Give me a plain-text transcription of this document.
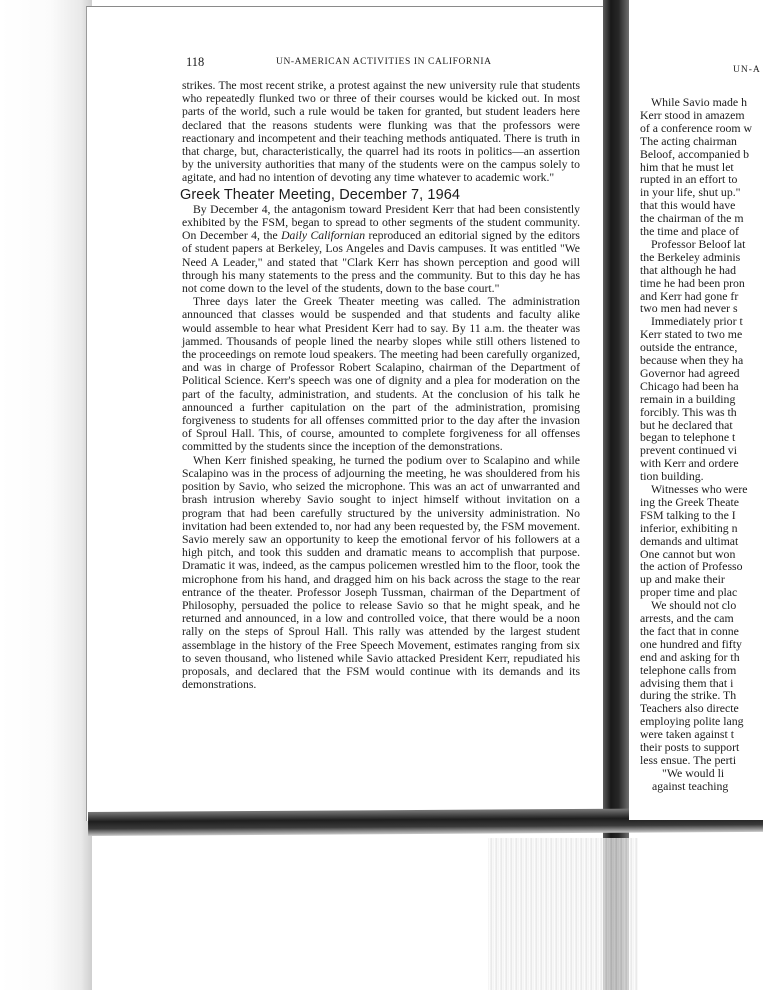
118	UN-AMERICAN ACTIVITIES IN CALIFORNIA

strikes. The most recent strike, a protest against the new university rule that students who repeatedly flunked two or three of their courses would be kicked out. In most parts of the world, such a rule would be taken for granted, but student leaders here declared that the reasons students were flunking was that the professors were reactionary and incompetent and their teaching methods antiquated. There is truth in that charge, but, characteristically, the quarrel had its roots in politics—an assertion by the university authorities that many of the students were on the campus solely to agitate, and had no intention of devoting any time whatever to academic work."

Greek Theater Meeting, December 7, 1964

By December 4, the antagonism toward President Kerr that had been consistently exhibited by the FSM, began to spread to other segments of the student community. On December 4, the Daily Californian reproduced an editorial signed by the editors of student papers at Berkeley, Los Angeles and Davis campuses. It was entitled "We Need A Leader," and stated that "Clark Kerr has shown perception and good will through his many statements to the press and the community. But to this day he has not come down to the level of the students, down to the base court."

Three days later the Greek Theater meeting was called. The administration announced that classes would be suspended and that students and faculty alike would assemble to hear what President Kerr had to say. By 11 a.m. the theater was jammed. Thousands of people lined the nearby slopes while still others listened to the proceedings on remote loud speakers. The meeting had been carefully organized, and was in charge of Professor Robert Scalapino, chairman of the Department of Political Science. Kerr's speech was one of dignity and a plea for moderation on the part of the faculty, administration, and students. At the conclusion of his talk he announced a further capitulation on the part of the administration, promising forgiveness to students for all offenses committed prior to the day after the invasion of Sproul Hall. This, of course, amounted to complete forgiveness for all offenses committed by the students since the inception of the demonstrations.

When Kerr finished speaking, he turned the podium over to Scalapino and while Scalapino was in the process of adjourning the meeting, he was shouldered from his position by Savio, who seized the microphone. This was an act of unwarranted and brash intrusion whereby Savio sought to inject himself without invitation on a program that had been carefully structured by the university administration. No invitation had been extended to, nor had any been requested by, the FSM movement. Savio merely saw an opportunity to keep the emotional fervor of his followers at a high pitch, and took this sudden and dramatic means to accomplish that purpose. Dramatic it was, indeed, as the campus policemen wrestled him to the floor, took the microphone from his hand, and dragged him on his back across the stage to the rear entrance of the theater. Professor Joseph Tussman, chairman of the Department of Philosophy, persuaded the police to release Savio so that he might speak, and he returned and announced, in a low and controlled voice, that there would be a noon rally on the steps of Sproul Hall. This rally was attended by the largest student assemblage in the history of the Free Speech Movement, estimates ranging from six to seven thousand, who listened while Savio attacked President Kerr, repudiated his proposals, and declared that the FSM would continue with its demands and its demonstrations.

UN-A
While Savio made h
Kerr stood in amazem
of a conference room w
The acting chairman
Beloof, accompanied b
him that he must let
rupted in an effort to
in your life, shut up."
that this would have
the chairman of the m
the time and place of
Professor Beloof lat
the Berkeley adminis
that although he had
time he had been pron
and Kerr had gone fr
two men had never s
Immediately prior t
Kerr stated to two me
outside the entrance,
because when they ha
Governor had agreed
Chicago had been ha
remain in a building
forcibly. This was th
but he declared that
began to telephone t
prevent continued vi
with Kerr and ordere
tion building.
Witnesses who were
ing the Greek Theate
FSM talking to the I
inferior, exhibiting n
demands and ultimat
One cannot but won
the action of Professo
up and make their
proper time and plac
We should not clo
arrests, and the cam
the fact that in conne
one hundred and fifty
end and asking for th
telephone calls from
advising them that i
during the strike. Th
Teachers also directe
employing polite lang
were taken against t
their posts to support
less ensue. The perti
"We would li
against teaching
